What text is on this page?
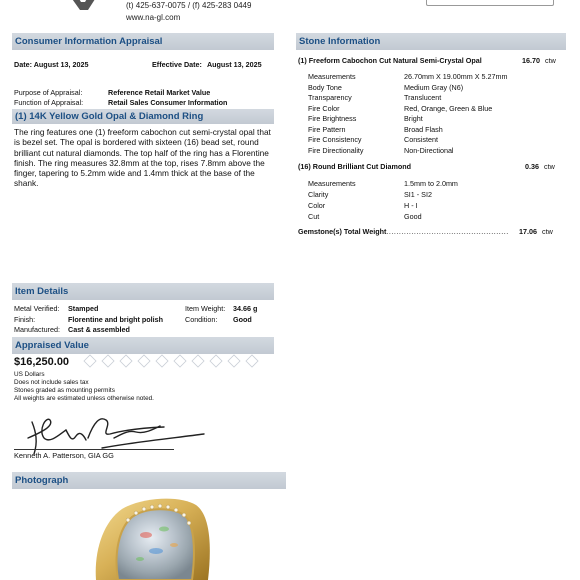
(t) 425-637-0075 / (f) 425-283 0449
www.na-gl.com
Consumer Information Appraisal
Date: August 13, 2025	Effective Date: August 13, 2025
Purpose of Appraisal:	Reference Retail Market Value
Function of Appraisal:	Retail Sales Consumer Information
(1) 14K Yellow Gold Opal & Diamond Ring
The ring features one (1) freeform cabochon cut semi-crystal opal that is bezel set. The opal is bordered with sixteen (16) bead set, round brilliant cut natural diamonds. The top half of the ring has a Florentine finish. The ring measures 32.8mm at the top, rises 7.8mm above the finger, tapering to 5.2mm wide and 1.4mm thick at the base of the shank.
Stone Information
(1) Freeform Cabochon Cut Natural Semi-Crystal Opal	16.70 ctw
Measurements	26.70mm X 19.00mm X 5.27mm
Body Tone	Medium Gray (N6)
Transparency	Translucent
Fire Color	Red, Orange, Green & Blue
Fire Brightness	Bright
Fire Pattern	Broad Flash
Fire Consistency	Consistent
Fire Directionality	Non-Directional
(16) Round Brilliant Cut Diamond	0.36 ctw
Measurements	1.5mm to 2.0mm
Clarity	SI1 - SI2
Color	H - I
Cut	Good
Gemstone(s) Total Weight................................................. 17.06 ctw
Item Details
Metal Verified: Stamped	Item Weight: 34.66 g
Finish:	Florentine and bright polish	Condition: Good
Manufactured: Cast & assembled
Appraised Value
$16,250.00
US Dollars
Does not include sales tax
Stones graded as mounting permits
All weights are estimated unless otherwise noted.
Kenneth A. Patterson, GIA GG
Photograph
